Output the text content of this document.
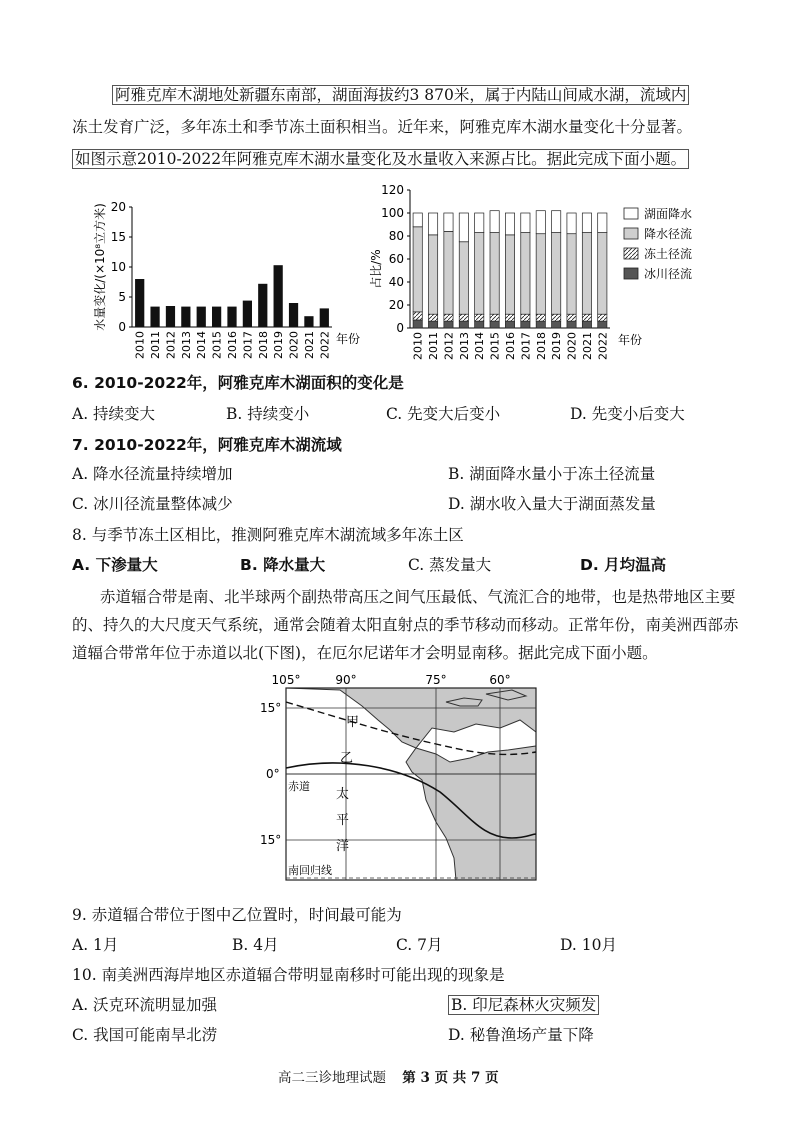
阿雅克库木湖地处新疆东南部，湖面海拔约3 870米，属于内陆山间咸水湖，流域内
冻土发育广泛，多年冻土和季节冻土面积相当。近年来，阿雅克库木湖水量变化十分显著。
如图示意2010-2022年阿雅克库木湖水量变化及水量收入来源占比。据此完成下面小题。
0
5
10
15
20
2010 2011 2012 2013 2014 2015 2016 2017 2018 2019 2020 2021 2022 年份
水量变化/(×10⁸立方米)	0
20
40
60
80
100
120
2010 2011 2012 2013 2014 2015 2016 2017 2018 2019 2020 2021 2022 年份
占比/%
湖面降水
降水径流
冻土径流
冰川径流
6. 2010-2022年，阿雅克库木湖面积的变化是
A. 持续变大	B. 持续变小	C. 先变大后变小	D. 先变小后变大
7. 2010-2022年，阿雅克库木湖流域
A. 降水径流量持续增加	B. 湖面降水量小于冻土径流量
C. 冰川径流量整体减少	D. 湖水收入量大于湖面蒸发量
8. 与季节冻土区相比，推测阿雅克库木湖流域多年冻土区
A. 下渗量大	B. 降水量大	C. 蒸发量大	D. 月均温高
赤道辐合带是南、北半球两个副热带高压之间气压最低、气流汇合的地带，也是热带地区主要
的、持久的大尺度天气系统，通常会随着太阳直射点的季节移动而移动。正常年份，南美洲西部赤
道辐合带常年位于赤道以北(下图)，在厄尔尼诺年才会明显南移。据此完成下面小题。
105°	90°	75°	60°
15°
0°
15°
赤道
南回归线
甲
乙
太
平
洋
9. 赤道辐合带位于图中乙位置时，时间最可能为
A. 1月	B. 4月	C. 7月	D. 10月
10. 南美洲西海岸地区赤道辐合带明显南移时可能出现的现象是
A. 沃克环流明显加强	B. 印尼森林火灾频发
C. 我国可能南旱北涝	D. 秘鲁渔场产量下降
高二三诊地理试题 第 3 页 共 7 页
